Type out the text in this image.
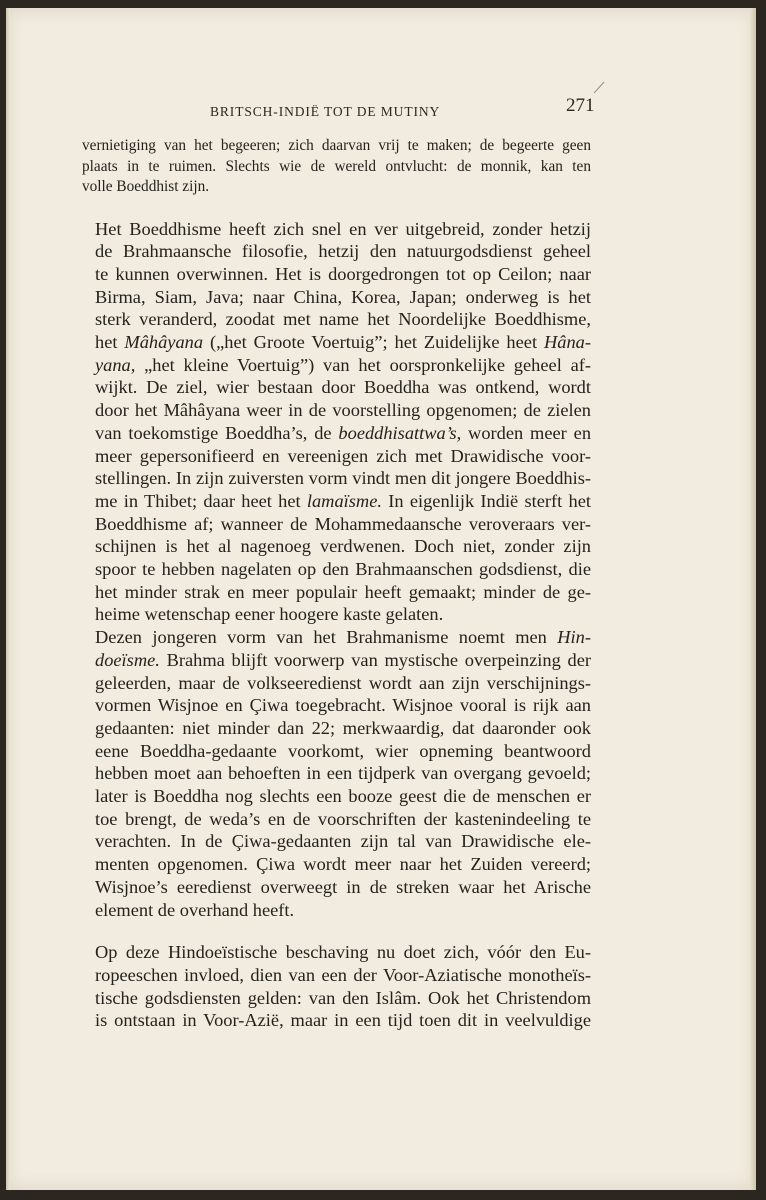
BRITSCH-INDIË TOT DE MUTINY	271

vernietiging van het begeeren; zich daarvan vrij te maken; de begeerte geen
plaats in te ruimen. Slechts wie de wereld ontvlucht: de monnik, kan ten
volle Boeddhist zijn.

Het Boeddhisme heeft zich snel en ver uitgebreid, zonder hetzij
de Brahmaansche filosofie, hetzij den natuurgodsdienst geheel
te kunnen overwinnen. Het is doorgedrongen tot op Ceilon; naar
Birma, Siam, Java; naar China, Korea, Japan; onderweg is het
sterk veranderd, zoodat met name het Noordelijke Boeddhisme,
het Mâhâyana („het Groote Voertuig”; het Zuidelijke heet Hâna-
yana, „het kleine Voertuig”) van het oorspronkelijke geheel af-
wijkt. De ziel, wier bestaan door Boeddha was ontkend, wordt
door het Mâhâyana weer in de voorstelling opgenomen; de zielen
van toekomstige Boeddha’s, de boeddhisattwa’s, worden meer en
meer gepersonifieerd en vereenigen zich met Drawidische voor-
stellingen. In zijn zuiversten vorm vindt men dit jongere Boeddhis-
me in Thibet; daar heet het lamaïsme. In eigenlijk Indië sterft het
Boeddhisme af; wanneer de Mohammedaansche veroveraars ver-
schijnen is het al nagenoeg verdwenen. Doch niet, zonder zijn
spoor te hebben nagelaten op den Brahmaanschen godsdienst, die
het minder strak en meer populair heeft gemaakt; minder de ge-
heime wetenschap eener hoogere kaste gelaten.

Dezen jongeren vorm van het Brahmanisme noemt men Hin-
doeïsme. Brahma blijft voorwerp van mystische overpeinzing der
geleerden, maar de volkseeredienst wordt aan zijn verschijnings-
vormen Wisjnoe en Çiwa toegebracht. Wisjnoe vooral is rijk aan
gedaanten: niet minder dan 22; merkwaardig, dat daaronder ook
eene Boeddha-gedaante voorkomt, wier opneming beantwoord
hebben moet aan behoeften in een tijdperk van overgang gevoeld;
later is Boeddha nog slechts een booze geest die de menschen er
toe brengt, de weda’s en de voorschriften der kastenindeeling te
verachten. In de Çiwa-gedaanten zijn tal van Drawidische ele-
menten opgenomen. Çiwa wordt meer naar het Zuiden vereerd;
Wisjnoe’s eeredienst overweegt in de streken waar het Arische
element de overhand heeft.

Op deze Hindoeïstische beschaving nu doet zich, vóór den Eu-
ropeeschen invloed, dien van een der Voor-Aziatische monotheïs-
tische godsdiensten gelden: van den Islâm. Ook het Christendom
is ontstaan in Voor-Azië, maar in een tijd toen dit in veelvuldige
